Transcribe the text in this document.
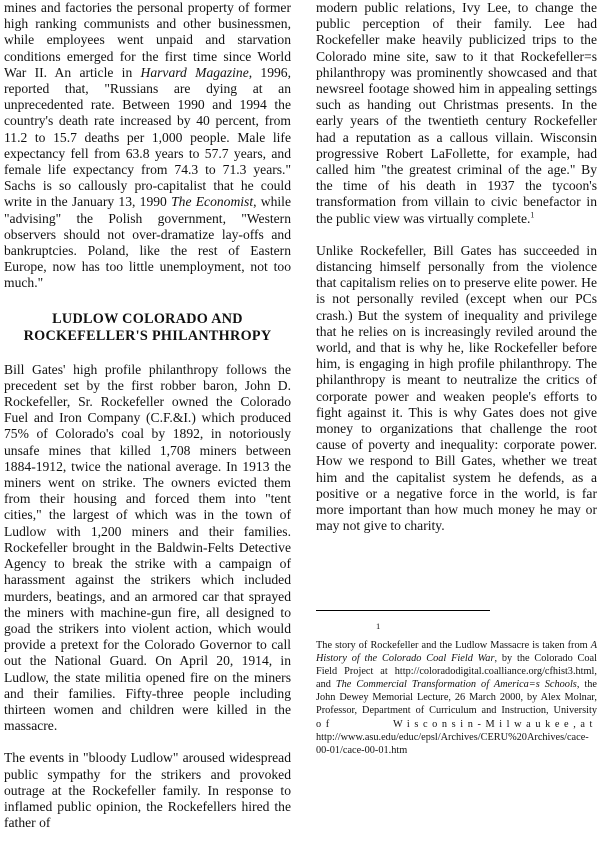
mines and factories the personal property of former high ranking communists and other businessmen, while employees went unpaid and starvation conditions emerged for the first time since World War II. An article in Harvard Magazine, 1996, reported that, "Russians are dying at an unprecedented rate. Between 1990 and 1994 the country's death rate increased by 40 percent, from 11.2 to 15.7 deaths per 1,000 people. Male life expectancy fell from 63.8 years to 57.7 years, and female life expectancy from 74.3 to 71.3 years." Sachs is so callously pro-capitalist that he could write in the January 13, 1990 The Economist, while "advising" the Polish government, "Western observers should not over-dramatize lay-offs and bankruptcies. Poland, like the rest of Eastern Europe, now has too little unemployment, not too much."

LUDLOW COLORADO AND
ROCKEFELLER'S PHILANTHROPY

Bill Gates' high profile philanthropy follows the precedent set by the first robber baron, John D. Rockefeller, Sr. Rockefeller owned the Colorado Fuel and Iron Company (C.F.&I.) which produced 75% of Colorado's coal by 1892, in notoriously unsafe mines that killed 1,708 miners between 1884-1912, twice the national average. In 1913 the miners went on strike. The owners evicted them from their housing and forced them into "tent cities," the largest of which was in the town of Ludlow with 1,200 miners and their families. Rockefeller brought in the Baldwin-Felts Detective Agency to break the strike with a campaign of harassment against the strikers which included murders, beatings, and an armored car that sprayed the miners with machine-gun fire, all designed to goad the strikers into violent action, which would provide a pretext for the Colorado Governor to call out the National Guard. On April 20, 1914, in Ludlow, the state militia opened fire on the miners and their families. Fifty-three people including thirteen women and children were killed in the massacre.

The events in "bloody Ludlow" aroused widespread public sympathy for the strikers and provoked outrage at the Rockefeller family. In response to inflamed public opinion, the Rockefellers hired the father of

modern public relations, Ivy Lee, to change the public perception of their family. Lee had Rockefeller make heavily publicized trips to the Colorado mine site, saw to it that Rockefeller=s philanthropy was prominently showcased and that newsreel footage showed him in appealing settings such as handing out Christmas presents. In the early years of the twentieth century Rockefeller had a reputation as a callous villain. Wisconsin progressive Robert LaFollette, for example, had called him "the greatest criminal of the age." By the time of his death in 1937 the tycoon's transformation from villain to civic benefactor in the public view was virtually complete.$^1$

Unlike Rockefeller, Bill Gates has succeeded in distancing himself personally from the violence that capitalism relies on to preserve elite power. He is not personally reviled (except when our PCs crash.) But the system of inequality and privilege that he relies on is increasingly reviled around the world, and that is why he, like Rockefeller before him, is engaging in high profile philanthropy. The philanthropy is meant to neutralize the critics of corporate power and weaken people's efforts to fight against it. This is why Gates does not give money to organizations that challenge the root cause of poverty and inequality: corporate power. How we respond to Bill Gates, whether we treat him and the capitalist system he defends, as a positive or a negative force in the world, is far more important than how much money he may or may not give to charity.

1
The story of Rockefeller and the Ludlow Massacre is taken from A History of the Colorado Coal Field War, by the Colorado Coal Field Project at http://coloradodigital.coalliance.org/cfhist3.html, and The Commercial Transformation of America=s Schools, the John Dewey Memorial Lecture, 26 March 2000, by Alex Molnar, Professor, Department of Curriculum and Instruction, University of Wisconsin-Milwaukee,at http://www.asu.edu/educ/epsl/Archives/CERU%20Archives/cace-00-01/cace-00-01.htm
